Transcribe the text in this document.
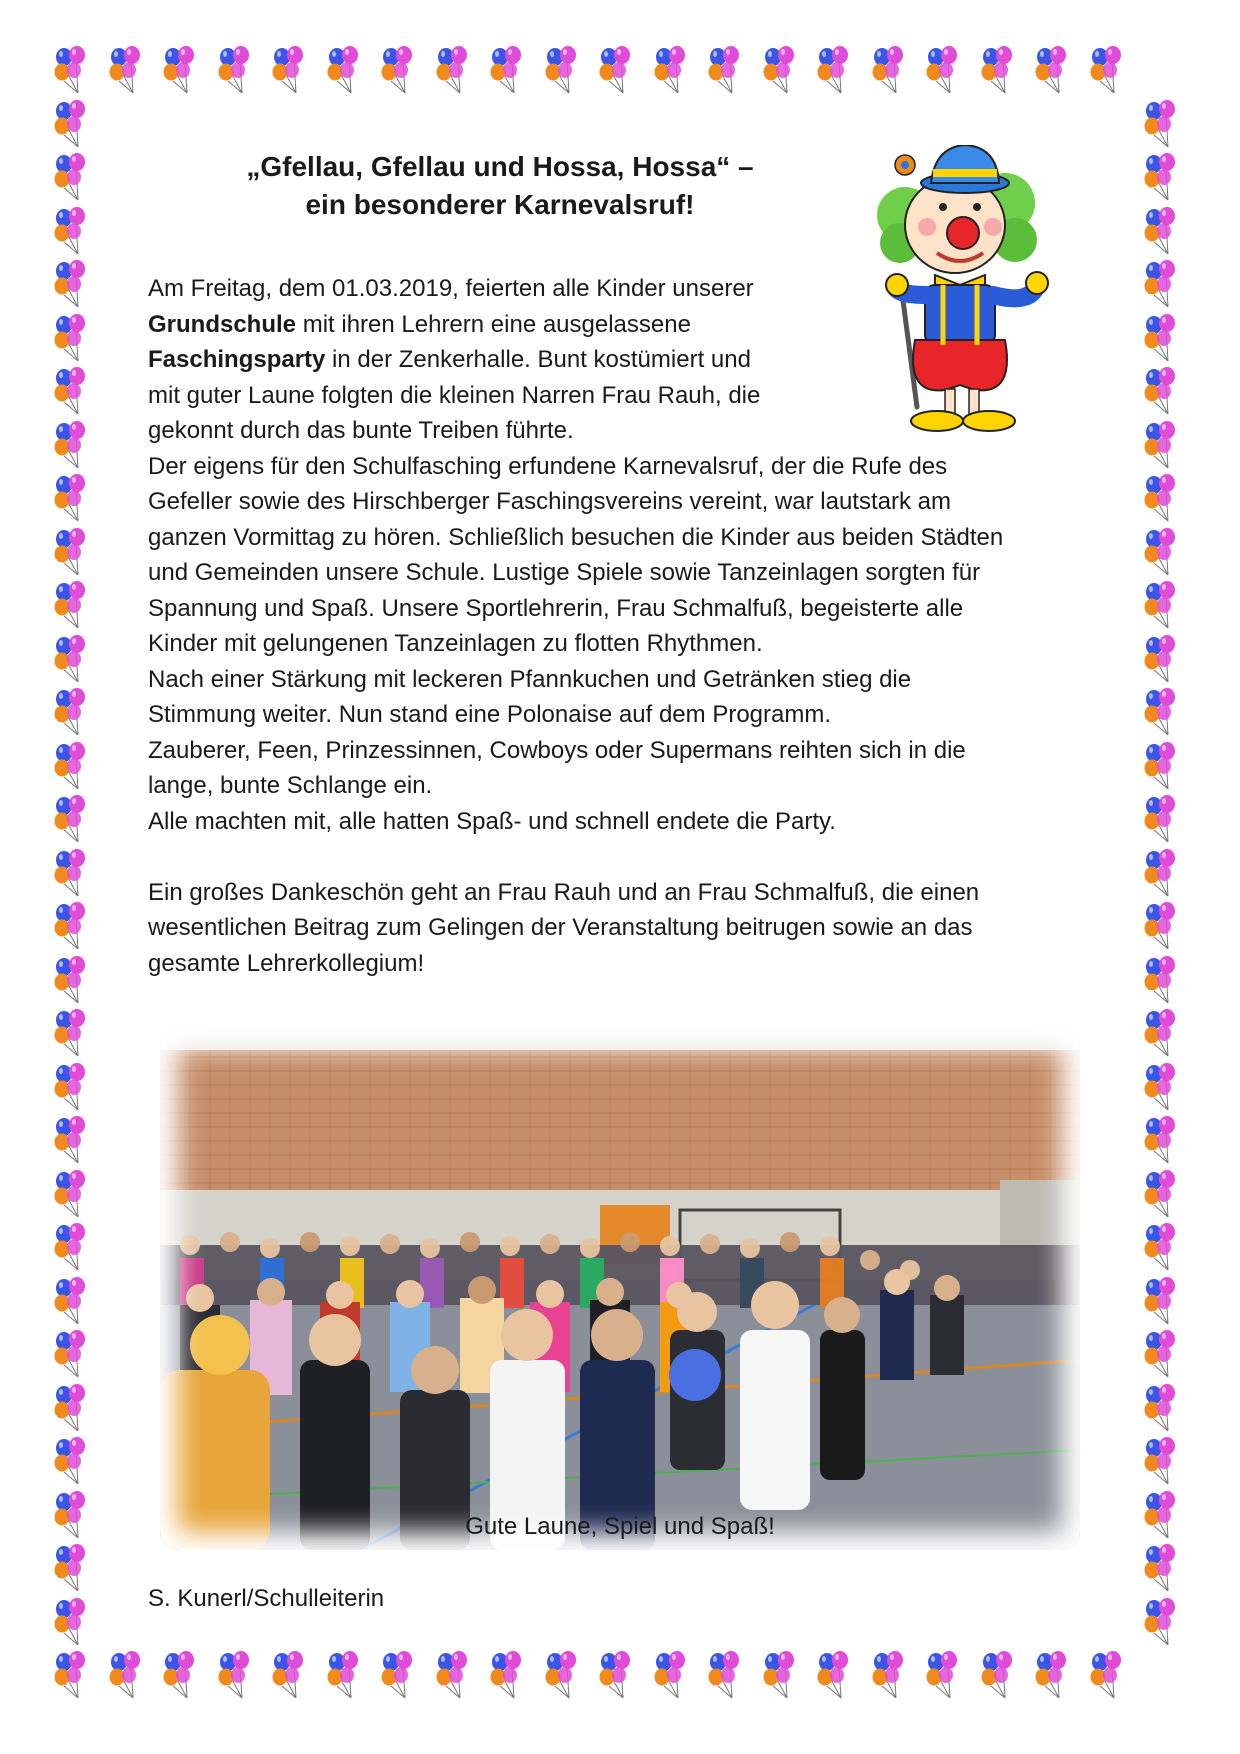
„Gfellau, Gfellau und Hossa, Hossa“ –
ein besonderer Karnevalsruf!
Am Freitag, dem 01.03.2019, feierten alle Kinder unserer
Grundschule mit ihren Lehrern eine ausgelassene
Faschingsparty in der Zenkerhalle. Bunt kostümiert und
mit guter Laune folgten die kleinen Narren Frau Rauh, die
gekonnt durch das bunte Treiben führte.
Der eigens für den Schulfasching erfundene Karnevalsruf, der die Rufe des
Gefeller sowie des Hirschberger Faschingsvereins vereint, war lautstark am
ganzen Vormittag zu hören. Schließlich besuchen die Kinder aus beiden Städten
und Gemeinden unsere Schule. Lustige Spiele sowie Tanzeinlagen sorgten für
Spannung und Spaß. Unsere Sportlehrerin, Frau Schmalfuß, begeisterte alle
Kinder mit gelungenen Tanzeinlagen zu flotten Rhythmen.
Nach einer Stärkung mit leckeren Pfannkuchen und Getränken stieg die
Stimmung weiter. Nun stand eine Polonaise auf dem Programm.
Zauberer, Feen, Prinzessinnen, Cowboys oder Supermans reihten sich in die
lange, bunte Schlange ein.
Alle machten mit, alle hatten Spaß- und schnell endete die Party.
Ein großes Dankeschön geht an Frau Rauh und an Frau Schmalfuß, die einen
wesentlichen Beitrag zum Gelingen der Veranstaltung beitrugen sowie an das
gesamte Lehrerkollegium!
Gute Laune, Spiel und Spaß!
S. Kunerl/Schulleiterin
